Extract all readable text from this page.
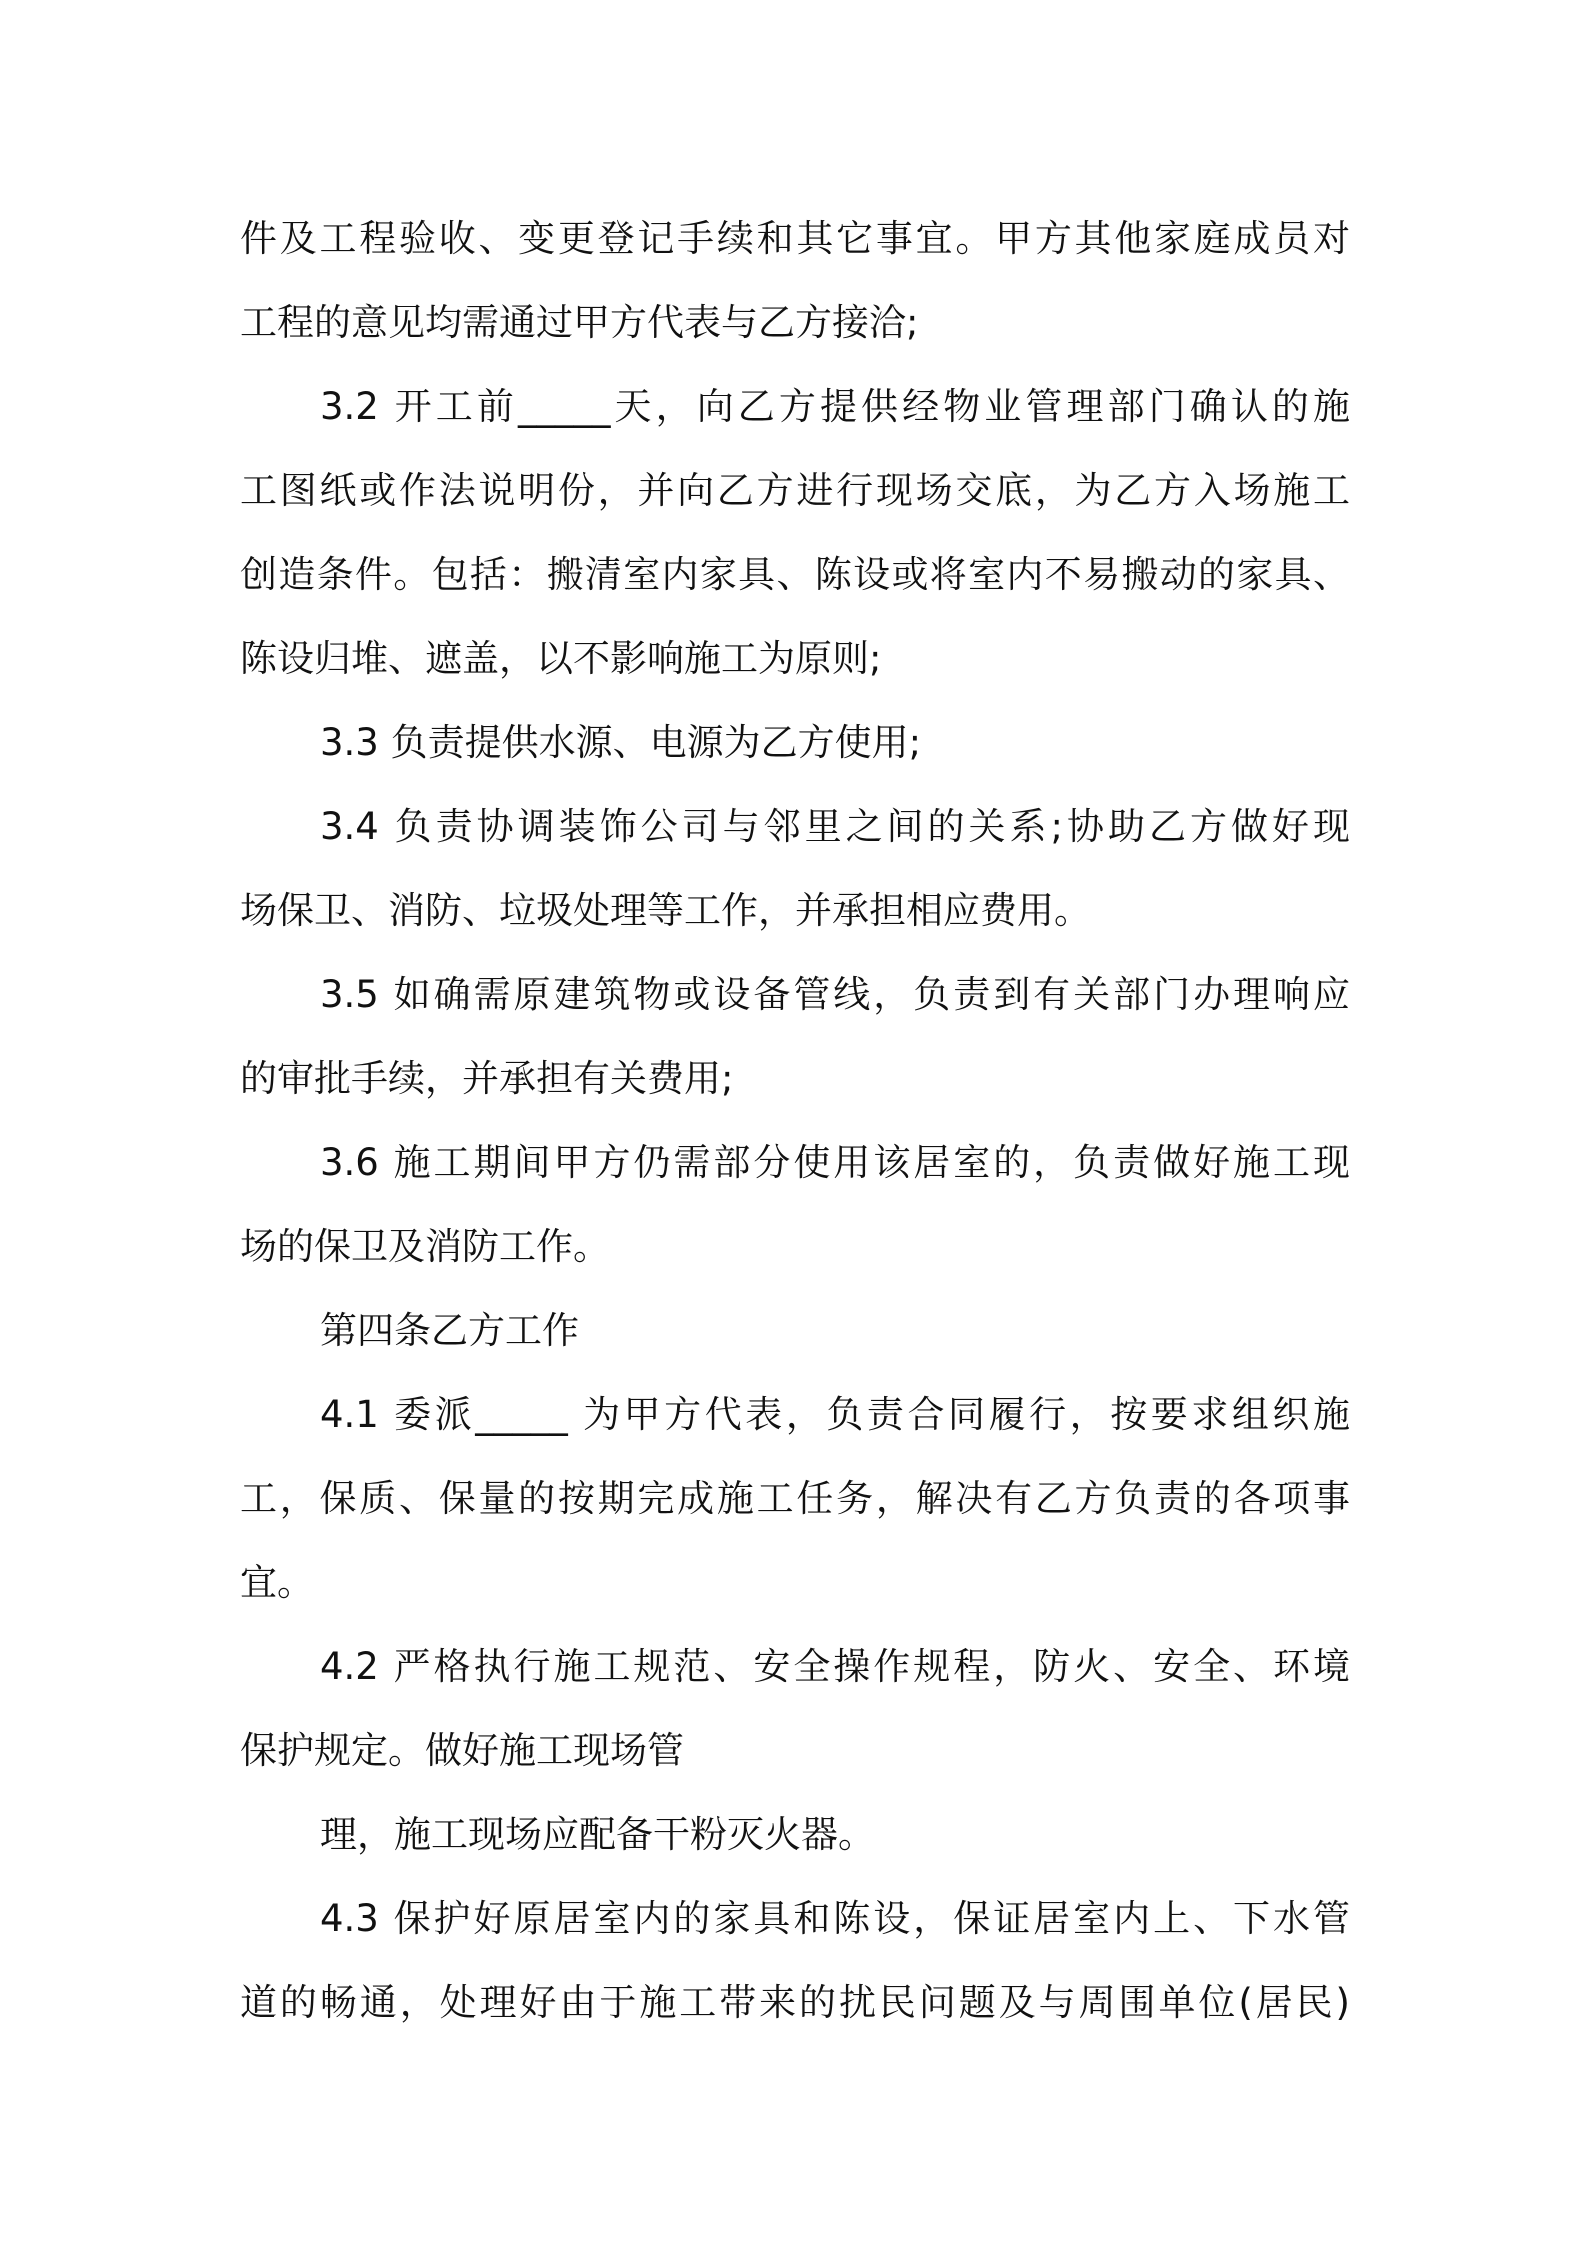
件及工程验收、变更登记手续和其它事宜。甲方其他家庭成员对
工程的意见均需通过甲方代表与乙方接洽;
3.2 开工前_____天，向乙方提供经物业管理部门确认的施
工图纸或作法说明份，并向乙方进行现场交底，为乙方入场施工
创造条件。包括：搬清室内家具、陈设或将室内不易搬动的家具、
陈设归堆、遮盖，以不影响施工为原则;
3.3 负责提供水源、电源为乙方使用;
3.4 负责协调装饰公司与邻里之间的关系;协助乙方做好现
场保卫、消防、垃圾处理等工作，并承担相应费用。
3.5 如确需原建筑物或设备管线，负责到有关部门办理响应
的审批手续，并承担有关费用;
3.6 施工期间甲方仍需部分使用该居室的，负责做好施工现
场的保卫及消防工作。
第四条乙方工作
4.1 委派_____ 为甲方代表，负责合同履行，按要求组织施
工，保质、保量的按期完成施工任务，解决有乙方负责的各项事
宜。
4.2 严格执行施工规范、安全操作规程，防火、安全、环境
保护规定。做好施工现场管
理，施工现场应配备干粉灭火器。
4.3 保护好原居室内的家具和陈设，保证居室内上、下水管
道的畅通，处理好由于施工带来的扰民问题及与周围单位(居民)
